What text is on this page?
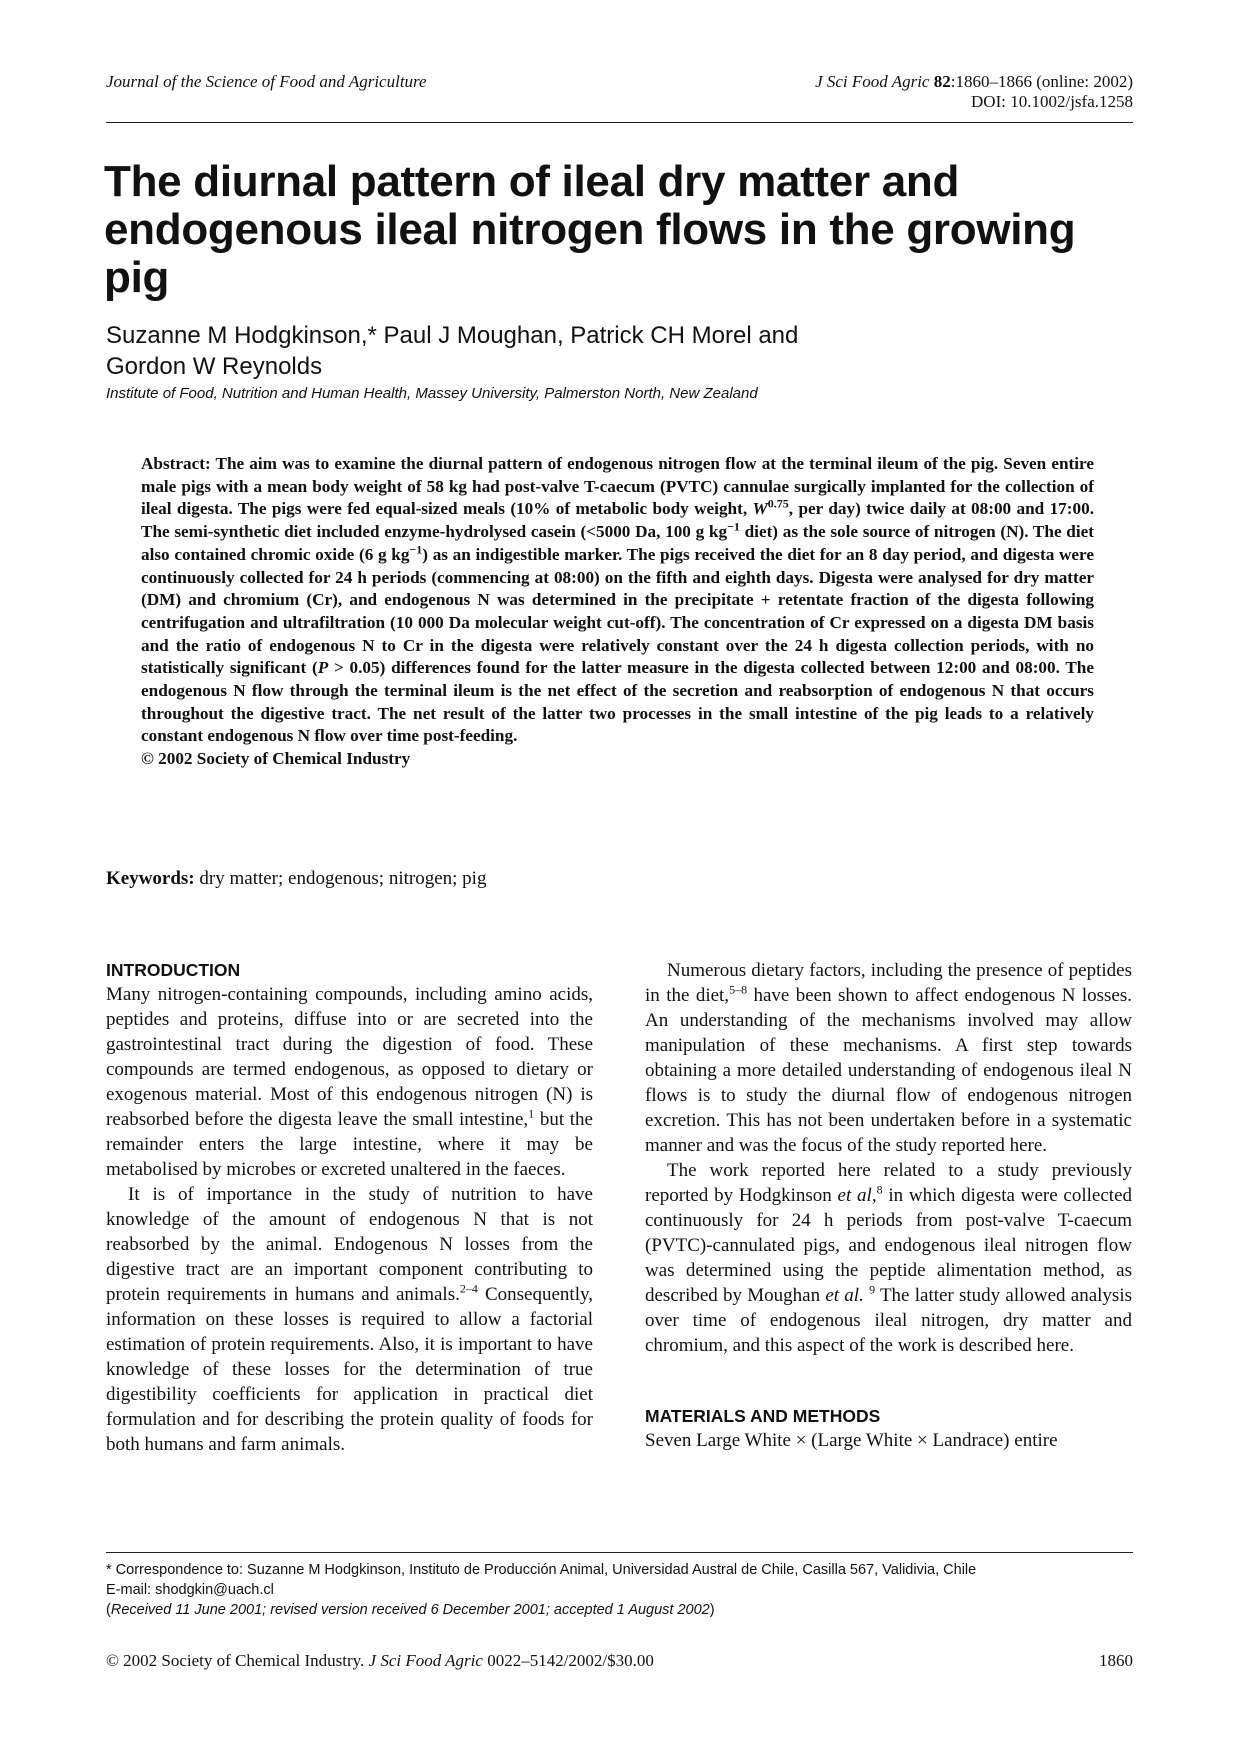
Journal of the Science of Food and Agriculture	J Sci Food Agric 82:1860–1866 (online: 2002)
DOI: 10.1002/jsfa.1258
The diurnal pattern of ileal dry matter and endogenous ileal nitrogen flows in the growing pig
Suzanne M Hodgkinson,* Paul J Moughan, Patrick CH Morel and
Gordon W Reynolds
Institute of Food, Nutrition and Human Health, Massey University, Palmerston North, New Zealand

Abstract: The aim was to examine the diurnal pattern of endogenous nitrogen flow at the terminal ileum of the pig. Seven entire male pigs with a mean body weight of 58 kg had post-valve T-caecum (PVTC) cannulae surgically implanted for the collection of ileal digesta. The pigs were fed equal-sized meals (10% of metabolic body weight, $W^{0.75}$, per day) twice daily at 08:00 and 17:00. The semi-synthetic diet included enzyme-hydrolysed casein (<5000 Da, 100 g $kg^{-1}$ diet) as the sole source of nitrogen (N). The diet also contained chromic oxide (6 g $kg^{-1}$) as an indigestible marker. The pigs received the diet for an 8 day period, and digesta were continuously collected for 24 h periods (commencing at 08:00) on the fifth and eighth days. Digesta were analysed for dry matter (DM) and chromium (Cr), and endogenous N was determined in the precipitate + retentate fraction of the digesta following centrifugation and ultrafiltration (10 000 Da molecular weight cut-off). The concentration of Cr expressed on a digesta DM basis and the ratio of endogenous N to Cr in the digesta were relatively constant over the 24 h digesta collection periods, with no statistically significant (P > 0.05) differences found for the latter measure in the digesta collected between 12:00 and 08:00. The endogenous N flow through the terminal ileum is the net effect of the secretion and reabsorption of endogenous N that occurs throughout the digestive tract. The net result of the latter two processes in the small intestine of the pig leads to a relatively constant endogenous N flow over time post-feeding.

© 2002 Society of Chemical Industry

Keywords: dry matter; endogenous; nitrogen; pig
INTRODUCTION

Many nitrogen-containing compounds, including amino acids, peptides and proteins, diffuse into or are secreted into the gastrointestinal tract during the digestion of food. These compounds are termed endogenous, as opposed to dietary or exogenous material. Most of this endogenous nitrogen (N) is reabsorbed before the digesta leave the small intestine,$^1$ but the remainder enters the large intestine, where it may be metabolised by microbes or excreted unaltered in the faeces.

It is of importance in the study of nutrition to have knowledge of the amount of endogenous N that is not reabsorbed by the animal. Endogenous N losses from the digestive tract are an important component contributing to protein requirements in humans and animals.$^{2-4}$ Consequently, information on these losses is required to allow a factorial estimation of protein requirements. Also, it is important to have knowledge of these losses for the determination of true digestibility coefficients for application in practical diet formulation and for describing the protein quality of foods for both humans and farm animals.

Numerous dietary factors, including the presence of peptides in the diet,$^{5-8}$ have been shown to affect endogenous N losses. An understanding of the mechanisms involved may allow manipulation of these mechanisms. A first step towards obtaining a more detailed understanding of endogenous ileal N flows is to study the diurnal flow of endogenous nitrogen excretion. This has not been undertaken before in a systematic manner and was the focus of the study reported here.

The work reported here related to a study previously reported by Hodgkinson et al,$^8$ in which digesta were collected continuously for 24 h periods from post-valve T-caecum (PVTC)-cannulated pigs, and endogenous ileal nitrogen flow was determined using the peptide alimentation method, as described by Moughan et al. $^9$ The latter study allowed analysis over time of endogenous ileal nitrogen, dry matter and chromium, and this aspect of the work is described here.

MATERIALS AND METHODS

Seven Large White × (Large White × Landrace) entire

* Correspondence to: Suzanne M Hodgkinson, Instituto de Producción Animal, Universidad Austral de Chile, Casilla 567, Validivia, Chile

E-mail: shodgkin@uach.cl

(Received 11 June 2001; revised version received 6 December 2001; accepted 1 August 2002)

© 2002 Society of Chemical Industry. J Sci Food Agric 0022–5142/2002/$30.00	1860
